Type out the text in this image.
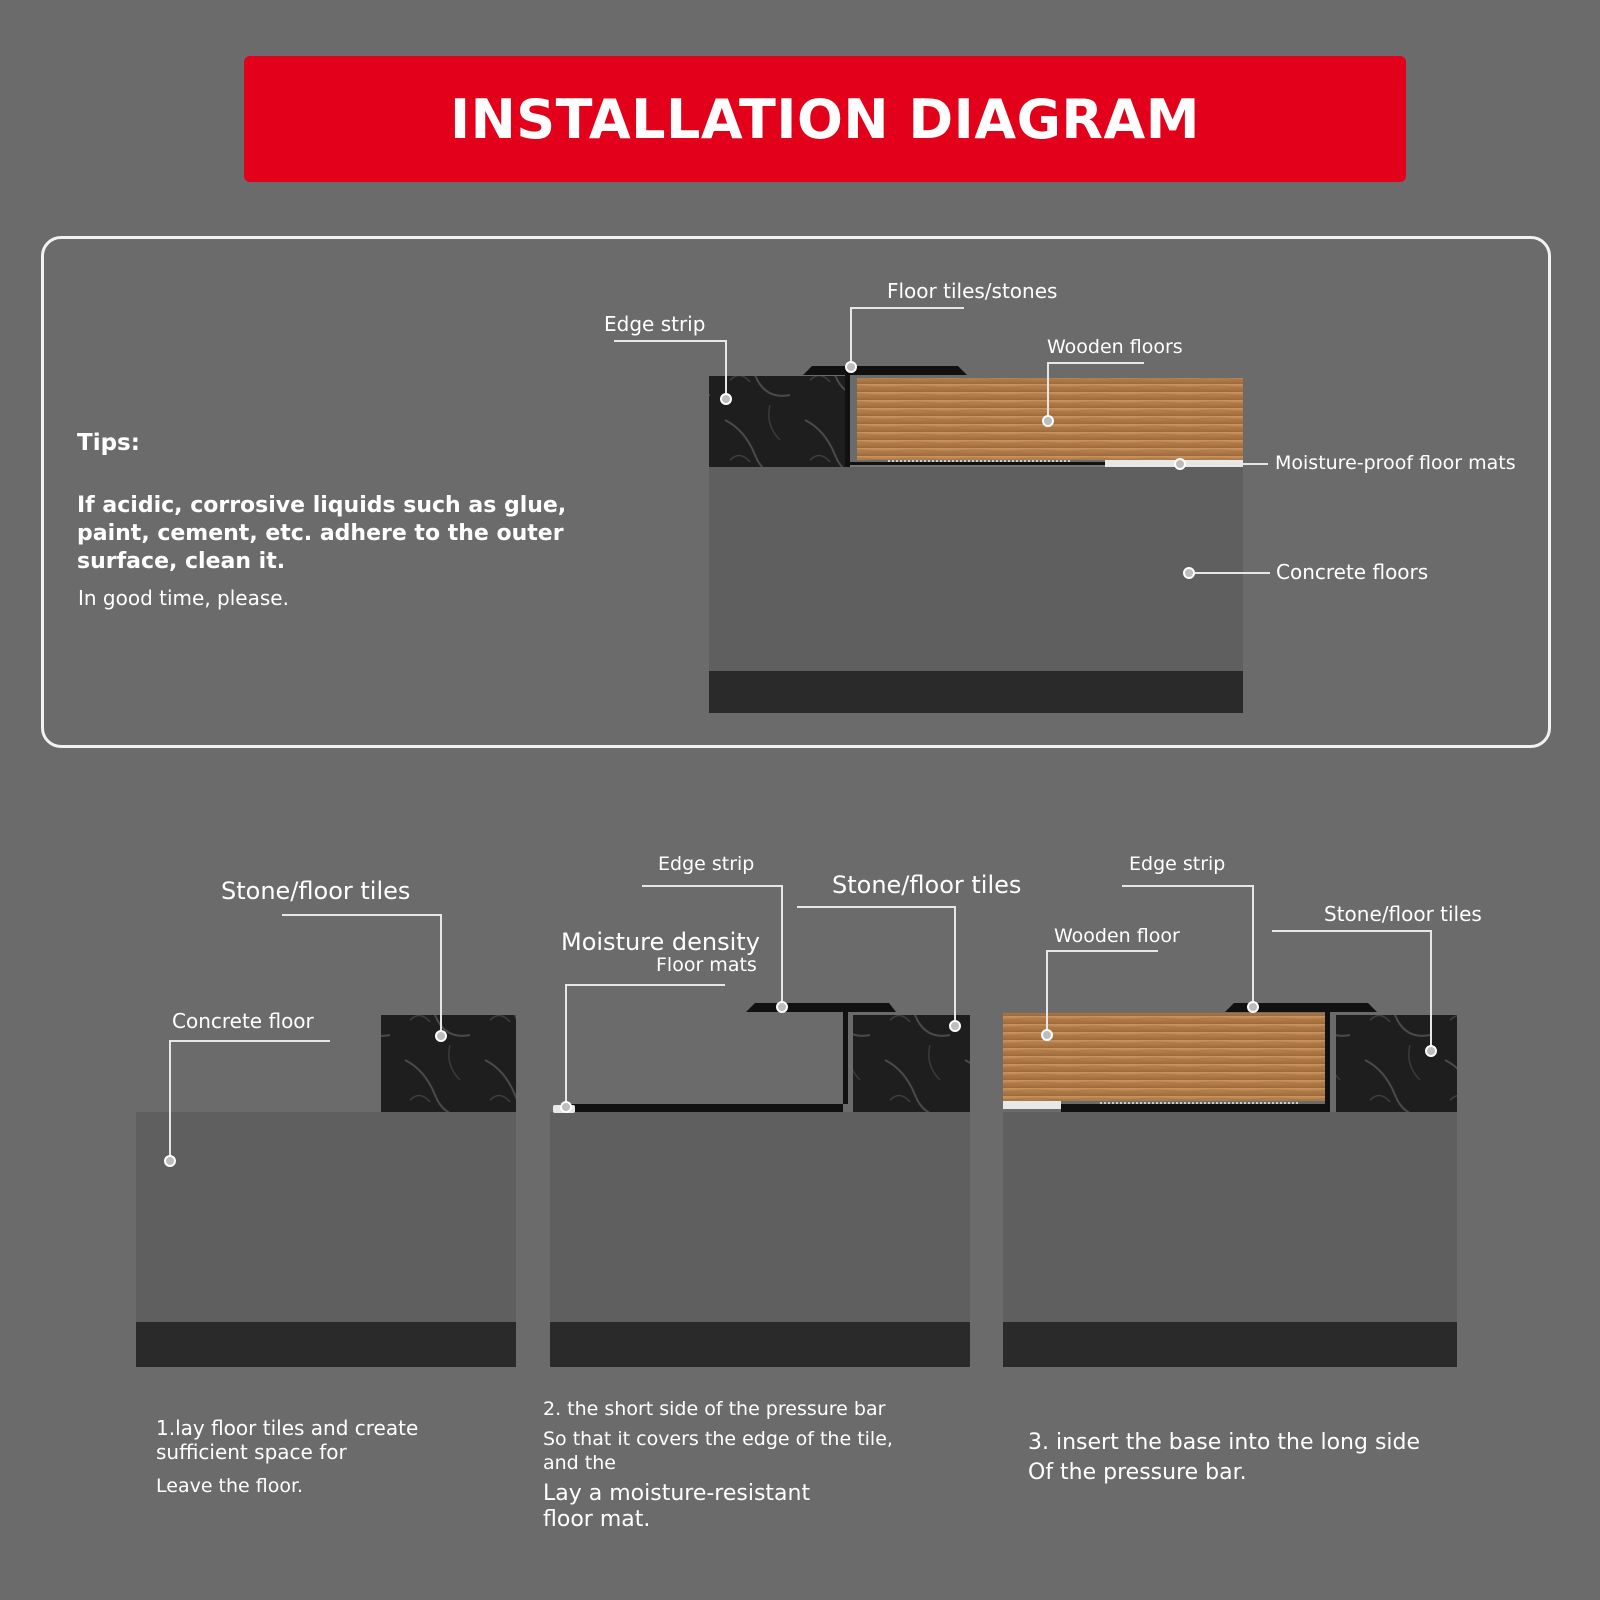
INSTALLATION DIAGRAM
Tips:
If acidic, corrosive liquids such as glue, paint, cement, etc. adhere to the outer surface, clean it.
In good time, please.
Floor tiles/stones
Edge strip
Wooden floors
Moisture-proof floor mats
Concrete floors
Stone/floor tiles
Concrete floor
1.lay floor tiles and create
sufficient space for
Leave the floor.
Edge strip
Stone/floor tiles
Moisture density
Floor mats
2. the short side of the pressure bar
So that it covers the edge of the tile,
and the
Lay a moisture-resistant
floor mat.
Edge strip
Wooden floor
Stone/floor tiles
3. insert the base into the long side
Of the pressure bar.
